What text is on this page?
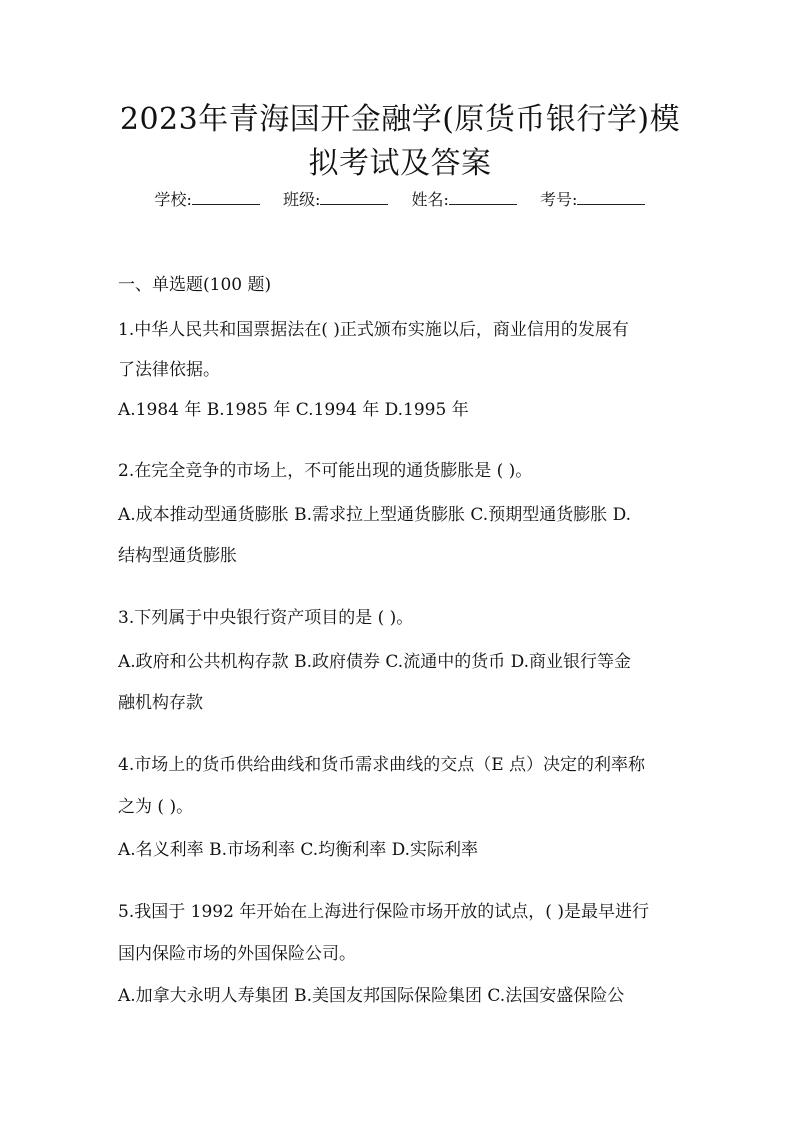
2023年青海国开金融学(原货币银行学)模
拟考试及答案
学校:	班级:	姓名:	考号:
一、单选题(100 题)
1.中华人民共和国票据法在( )正式颁布实施以后，商业信用的发展有
了法律依据。
A.1984 年 B.1985 年 C.1994 年 D.1995 年
2.在完全竞争的市场上，不可能出现的通货膨胀是 ( )。
A.成本推动型通货膨胀 B.需求拉上型通货膨胀 C.预期型通货膨胀 D.
结构型通货膨胀
3.下列属于中央银行资产项目的是 ( )。
A.政府和公共机构存款 B.政府债券 C.流通中的货币 D.商业银行等金
融机构存款
4.市场上的货币供给曲线和货币需求曲线的交点（E 点）决定的利率称
之为 ( )。
A.名义利率 B.市场利率 C.均衡利率 D.实际利率
5.我国于 1992 年开始在上海进行保险市场开放的试点，( )是最早进行
国内保险市场的外国保险公司。
A.加拿大永明人寿集团 B.美国友邦国际保险集团 C.法国安盛保险公
